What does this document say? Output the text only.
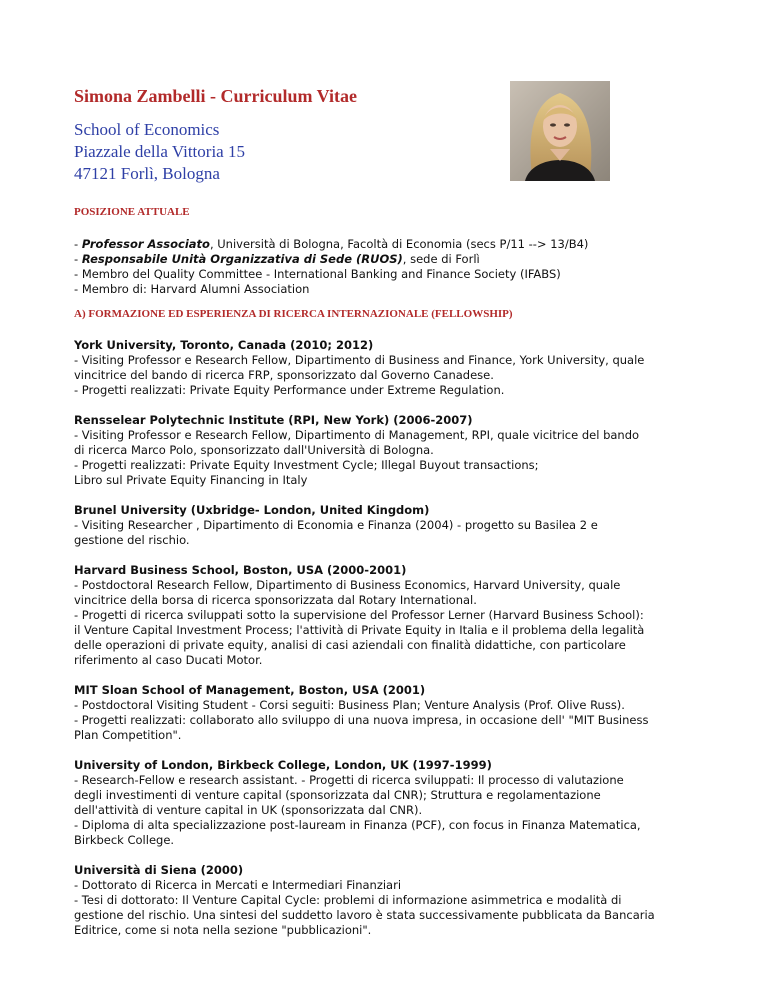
Simona Zambelli - Curriculum Vitae
School of Economics
Piazzale della Vittoria 15
47121 Forlì, Bologna
POSIZIONE ATTUALE
- Professor Associato, Università di Bologna, Facoltà di Economia (secs P/11 --> 13/B4)
- Responsabile Unità Organizzativa di Sede (RUOS), sede di Forlì
- Membro del Quality Committee - International Banking and Finance Society (IFABS)
- Membro di: Harvard Alumni Association
A) FORMAZIONE ED ESPERIENZA DI RICERCA INTERNAZIONALE (FELLOWSHIP)
York University, Toronto, Canada (2010; 2012)
- Visiting Professor e Research Fellow, Dipartimento di Business and Finance, York University, quale
vincitrice del bando di ricerca FRP, sponsorizzato dal Governo Canadese.
- Progetti realizzati: Private Equity Performance under Extreme Regulation.
Rensselear Polytechnic Institute (RPI, New York) (2006-2007)
- Visiting Professor e Research Fellow, Dipartimento di Management, RPI, quale vicitrice del bando
di ricerca Marco Polo, sponsorizzato dall'Università di Bologna.
- Progetti realizzati: Private Equity Investment Cycle; Illegal Buyout transactions;
Libro sul Private Equity Financing in Italy
Brunel University (Uxbridge- London, United Kingdom)
- Visiting Researcher , Dipartimento di Economia e Finanza (2004) - progetto su Basilea 2 e
gestione del rischio.
Harvard Business School, Boston, USA (2000-2001)
- Postdoctoral Research Fellow, Dipartimento di Business Economics, Harvard University, quale
vincitrice della borsa di ricerca sponsorizzata dal Rotary International.
- Progetti di ricerca sviluppati sotto la supervisione del Professor Lerner (Harvard Business School):
il Venture Capital Investment Process; l'attività di Private Equity in Italia e il problema della legalità
delle operazioni di private equity, analisi di casi aziendali con finalità didattiche, con particolare
riferimento al caso Ducati Motor.
MIT Sloan School of Management, Boston, USA (2001)
- Postdoctoral Visiting Student - Corsi seguiti: Business Plan; Venture Analysis (Prof. Olive Russ).
- Progetti realizzati: collaborato allo sviluppo di una nuova impresa, in occasione dell' "MIT Business
Plan Competition".
University of London, Birkbeck College, London, UK (1997-1999)
- Research-Fellow e research assistant. - Progetti di ricerca sviluppati: Il processo di valutazione
degli investimenti di venture capital (sponsorizzata dal CNR); Struttura e regolamentazione
dell'attività di venture capital in UK (sponsorizzata dal CNR).
- Diploma di alta specializzazione post-lauream in Finanza (PCF), con focus in Finanza Matematica,
Birkbeck College.
Università di Siena (2000)
- Dottorato di Ricerca in Mercati e Intermediari Finanziari
- Tesi di dottorato: Il Venture Capital Cycle: problemi di informazione asimmetrica e modalità di
gestione del rischio. Una sintesi del suddetto lavoro è stata successivamente pubblicata da Bancaria
Editrice, come si nota nella sezione "pubblicazioni".
